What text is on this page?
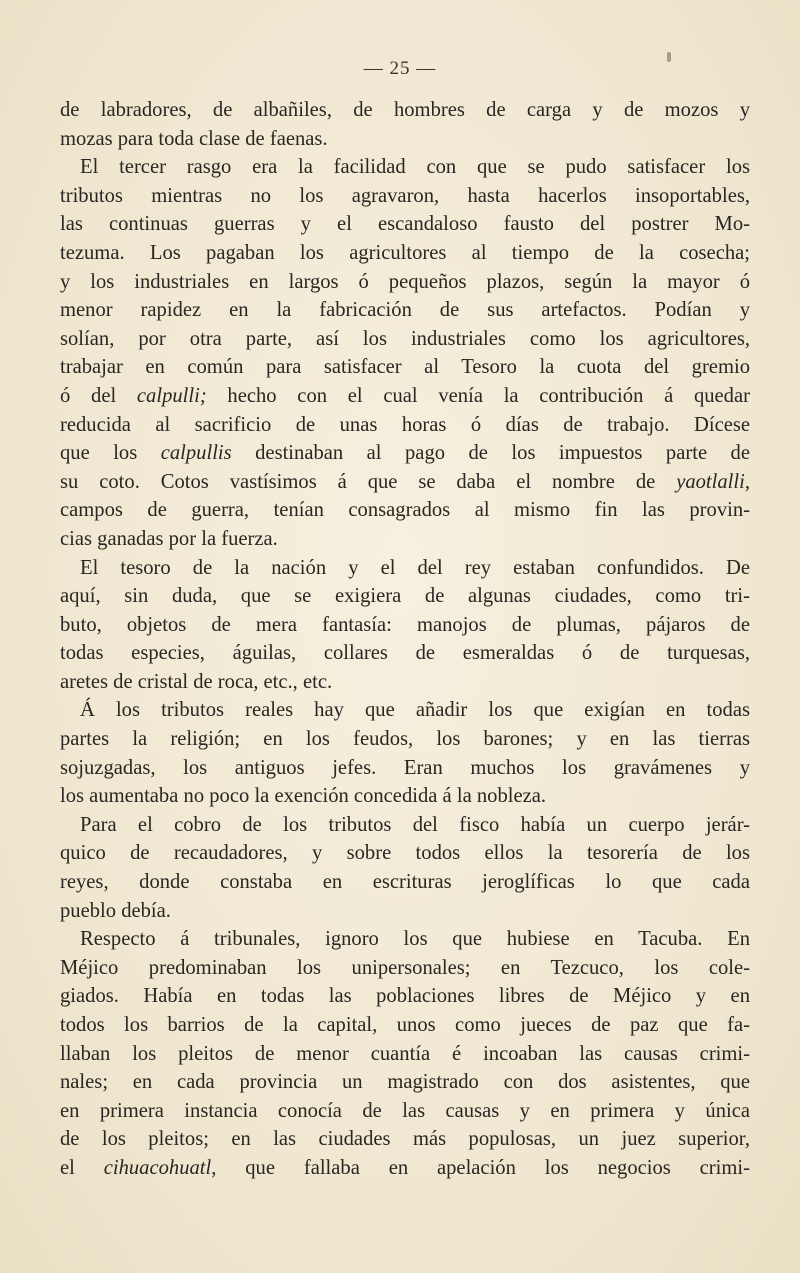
— 25 —
de labradores, de albañiles, de hombres de carga y de mozos y
mozas para toda clase de faenas.
El tercer rasgo era la facilidad con que se pudo satisfacer los
tributos mientras no los agravaron, hasta hacerlos insoportables,
las continuas guerras y el escandaloso fausto del postrer Mo-
tezuma. Los pagaban los agricultores al tiempo de la cosecha;
y los industriales en largos ó pequeños plazos, según la mayor ó
menor rapidez en la fabricación de sus artefactos. Podían y
solían, por otra parte, así los industriales como los agricultores,
trabajar en común para satisfacer al Tesoro la cuota del gremio
ó del calpulli; hecho con el cual venía la contribución á quedar
reducida al sacrificio de unas horas ó días de trabajo. Dícese
que los calpullis destinaban al pago de los impuestos parte de
su coto. Cotos vastísimos á que se daba el nombre de yaotlalli,
campos de guerra, tenían consagrados al mismo fin las provin-
cias ganadas por la fuerza.
El tesoro de la nación y el del rey estaban confundidos. De
aquí, sin duda, que se exigiera de algunas ciudades, como tri-
buto, objetos de mera fantasía: manojos de plumas, pájaros de
todas especies, águilas, collares de esmeraldas ó de turquesas,
aretes de cristal de roca, etc., etc.
Á los tributos reales hay que añadir los que exigían en todas
partes la religión; en los feudos, los barones; y en las tierras
sojuzgadas, los antiguos jefes. Eran muchos los gravámenes y
los aumentaba no poco la exención concedida á la nobleza.
Para el cobro de los tributos del fisco había un cuerpo jerár-
quico de recaudadores, y sobre todos ellos la tesorería de los
reyes, donde constaba en escrituras jeroglíficas lo que cada
pueblo debía.
Respecto á tribunales, ignoro los que hubiese en Tacuba. En
Méjico predominaban los unipersonales; en Tezcuco, los cole-
giados. Había en todas las poblaciones libres de Méjico y en
todos los barrios de la capital, unos como jueces de paz que fa-
llaban los pleitos de menor cuantía é incoaban las causas crimi-
nales; en cada provincia un magistrado con dos asistentes, que
en primera instancia conocía de las causas y en primera y única
de los pleitos; en las ciudades más populosas, un juez superior,
el cihuacohuatl, que fallaba en apelación los negocios crimi-
